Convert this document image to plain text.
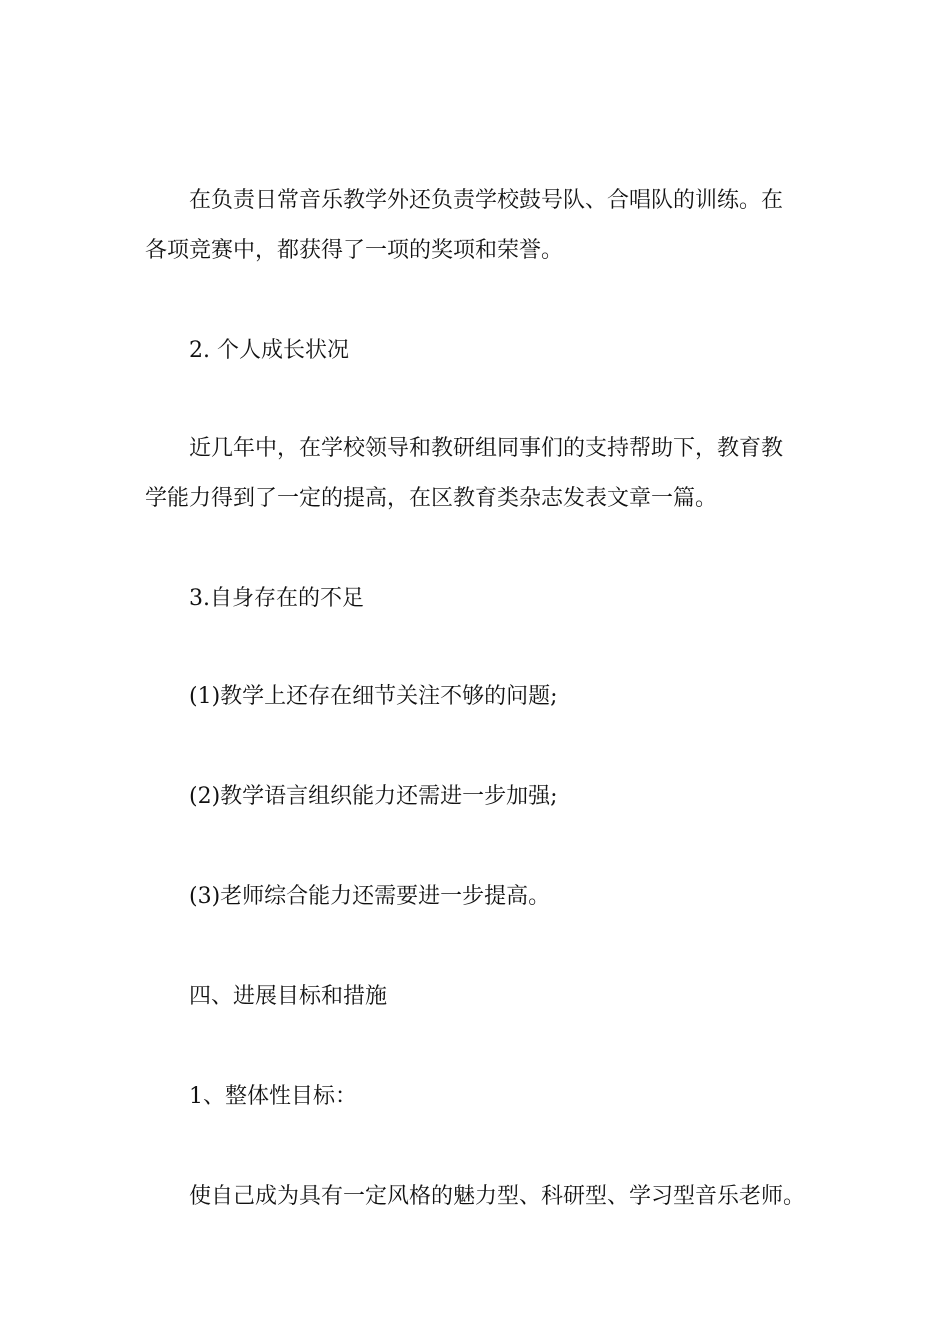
在负责日常音乐教学外还负责学校鼓号队、合唱队的训练。在
各项竞赛中，都获得了一项的奖项和荣誉。

2. 个人成长状况

近几年中，在学校领导和教研组同事们的支持帮助下，教育教
学能力得到了一定的提高，在区教育类杂志发表文章一篇。

3.自身存在的不足

(1)教学上还存在细节关注不够的问题;

(2)教学语言组织能力还需进一步加强;

(3)老师综合能力还需要进一步提高。

四、进展目标和措施

1、整体性目标：

使自己成为具有一定风格的魅力型、科研型、学习型音乐老师。
